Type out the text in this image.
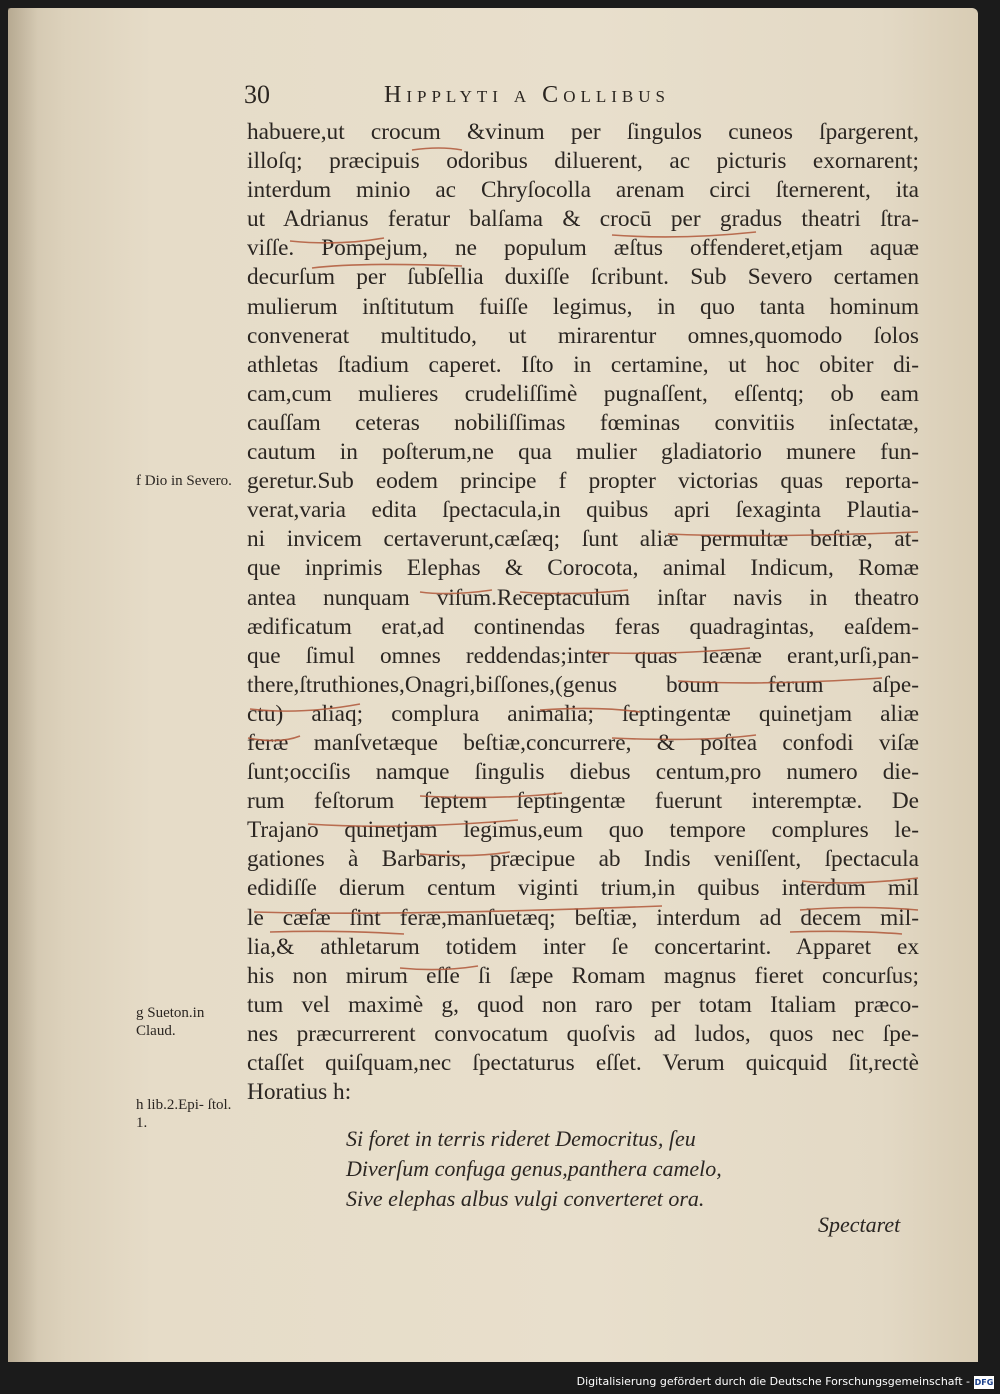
30	Hipplyti a Collibus
habuere,ut crocum &vinum per ſingulos cuneos ſpargerent,
illoſq; præcipuis odoribus diluerent, ac picturis exornarent;
interdum minio ac Chryſocolla arenam circi ſternerent, ita
ut Adrianus feratur balſama & crocū per gradus theatri ſtra-
viſſe. Pompejum, ne populum æſtus offenderet,etjam aquæ
decurſum per ſubſellia duxiſſe ſcribunt. Sub Severo certamen
mulierum inſtitutum fuiſſe legimus, in quo tanta hominum
convenerat multitudo, ut mirarentur omnes,quomodo ſolos
athletas ſtadium caperet. Iſto in certamine, ut hoc obiter di-
cam,cum mulieres crudeliſſimè pugnaſſent, eſſentq; ob eam
cauſſam ceteras nobiliſſimas fœminas convitiis inſectatæ,
cautum in poſterum,ne qua mulier gladiatorio munere fun-
geretur.Sub eodem principe f propter victorias quas reporta-
verat,varia edita ſpectacula,in quibus apri ſexaginta Plautia-
ni invicem certaverunt,cæſæq; ſunt aliæ permultæ beſtiæ, at-
que inprimis Elephas & Corocota, animal Indicum, Romæ
antea nunquam viſum.Receptaculum inſtar navis in theatro
ædificatum erat,ad continendas feras quadragintas, eaſdem-
que ſimul omnes reddendas;inter quas leænæ erant,urſi,pan-
there,ſtruthiones,Onagri,biſſones,(genus boum ferum aſpe-
ctu) aliaq; complura animalia; ſeptingentæ quinetjam aliæ
feræ manſvetæque beſtiæ,concurrere, & poſtea confodi viſæ
ſunt;occiſis namque ſingulis diebus centum,pro numero die-
rum feſtorum ſeptem ſeptingentæ fuerunt interemptæ. De
Trajano quinetjam legimus,eum quo tempore complures le-
gationes à Barbaris, præcipue ab Indis veniſſent, ſpectacula
edidiſſe dierum centum viginti trium,in quibus interdum mil
le cæſæ ſint feræ,manſuetæq; beſtiæ, interdum ad decem mil-
lia,& athletarum totidem inter ſe concertarint. Apparet ex
his non mirum eſſe ſi ſæpe Romam magnus fieret concurſus;
tum vel maximè g, quod non raro per totam Italiam præco-
nes præcurrerent convocatum quoſvis ad ludos, quos nec ſpe-
ctaſſet quiſquam,nec ſpectaturus eſſet. Verum quicquid ſit,rectè
Horatius h:
f Dio in Severo.
g Sueton.in Claud.
h lib.2.Epi- ſtol. 1.
Si foret in terris rideret Democritus, ſeu
Diverſum confuga genus,panthera camelo,
Sive elephas albus vulgi converteret ora.
Spectaret
Digitalisierung gefördert durch die Deutsche Forschungsgemeinschaft - DFG
